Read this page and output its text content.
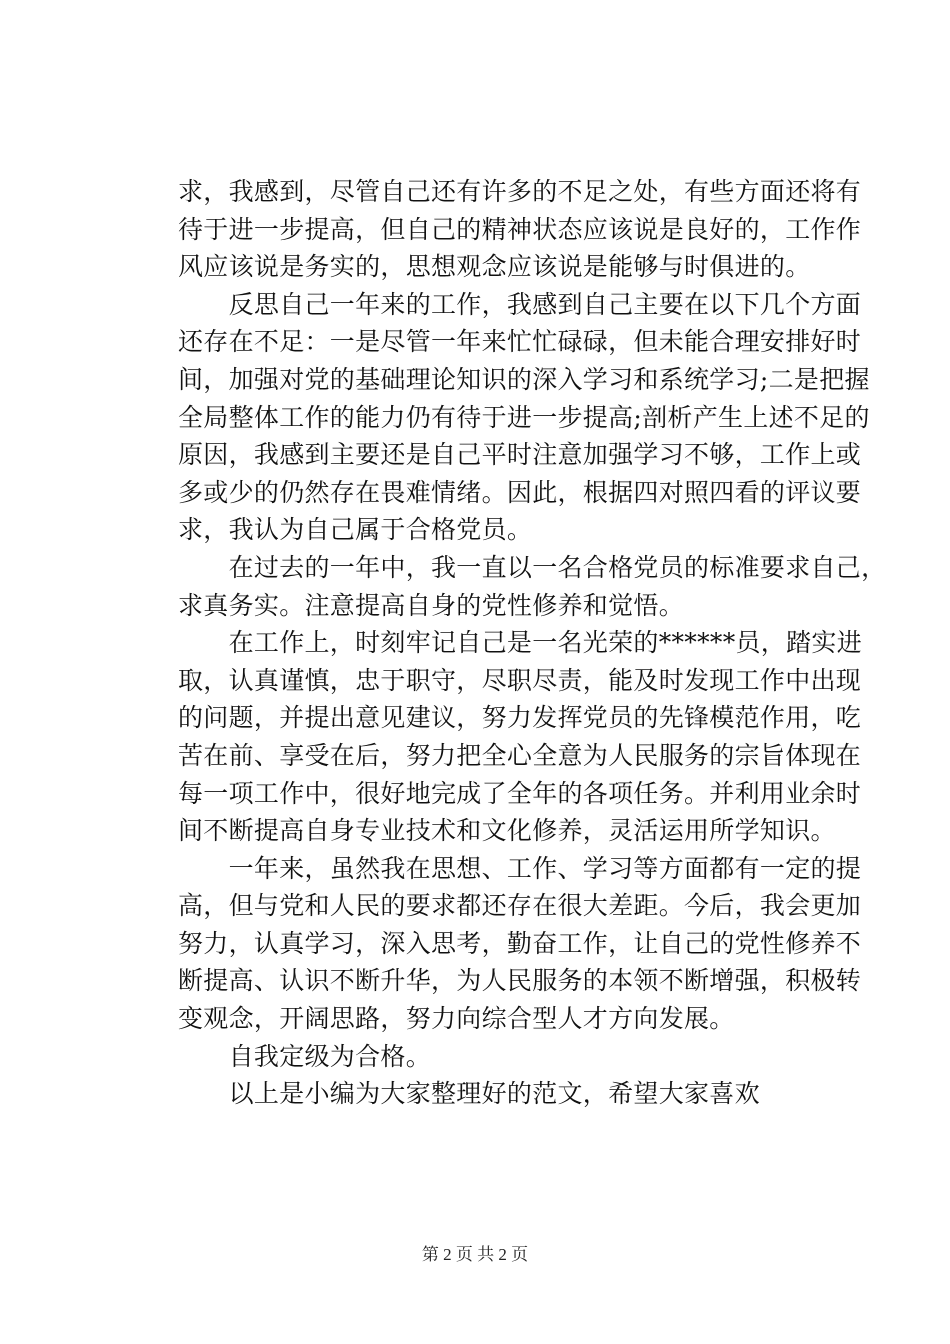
求，我感到，尽管自己还有许多的不足之处，有些方面还将有
待于进一步提高，但自己的精神状态应该说是良好的，工作作
风应该说是务实的，思想观念应该说是能够与时俱进的。
　　反思自己一年来的工作，我感到自己主要在以下几个方面
还存在不足：一是尽管一年来忙忙碌碌，但未能合理安排好时
间，加强对党的基础理论知识的深入学习和系统学习;二是把握
全局整体工作的能力仍有待于进一步提高;剖析产生上述不足的
原因，我感到主要还是自己平时注意加强学习不够，工作上或
多或少的仍然存在畏难情绪。因此，根据四对照四看的评议要
求，我认为自己属于合格党员。
　　在过去的一年中，我一直以一名合格党员的标准要求自己，
求真务实。注意提高自身的党性修养和觉悟。
　　在工作上，时刻牢记自己是一名光荣的******员，踏实进
取，认真谨慎，忠于职守，尽职尽责，能及时发现工作中出现
的问题，并提出意见建议，努力发挥党员的先锋模范作用，吃
苦在前、享受在后，努力把全心全意为人民服务的宗旨体现在
每一项工作中，很好地完成了全年的各项任务。并利用业余时
间不断提高自身专业技术和文化修养，灵活运用所学知识。
　　一年来，虽然我在思想、工作、学习等方面都有一定的提
高，但与党和人民的要求都还存在很大差距。今后，我会更加
努力，认真学习，深入思考，勤奋工作，让自己的党性修养不
断提高、认识不断升华，为人民服务的本领不断增强，积极转
变观念，开阔思路，努力向综合型人才方向发展。
　　自我定级为合格。
　　以上是小编为大家整理好的范文，希望大家喜欢
第 2 页 共 2 页
